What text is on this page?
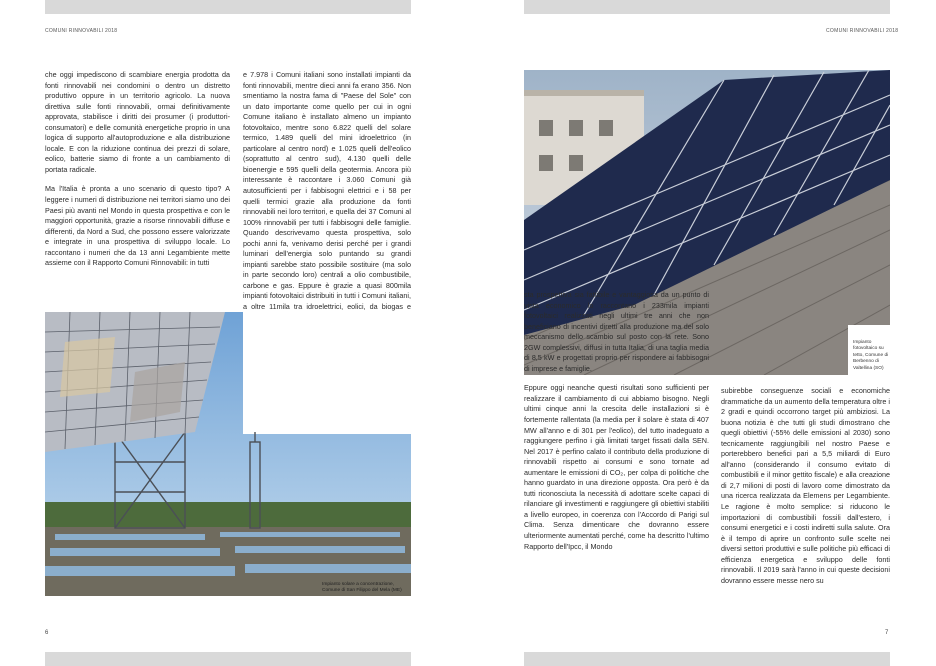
COMUNI RINNOVABILI 2018	COMUNI RINNOVABILI 2018

che oggi impediscono di scambiare energia prodotta da fonti rinnovabili nei condomini o dentro un distretto produttivo oppure in un territorio agricolo. La nuova direttiva sulle fonti rinnovabili, ormai definitivamente approvata, stabilisce i diritti dei prosumer (i produttori-consumatori) e delle comunità energetiche proprio in una logica di supporto all'autoproduzione e alla distribuzione locale. E con la riduzione continua dei prezzi di solare, eolico, batterie siamo di fronte a un cambiamento di portata radicale.

Ma l'Italia è pronta a uno scenario di questo tipo? A leggere i numeri di distribuzione nei territori siamo uno dei Paesi più avanti nel Mondo in questa prospettiva e con le maggiori opportunità, grazie a risorse rinnovabili diffuse e differenti, da Nord a Sud, che possono essere valorizzate e integrate in una prospettiva di sviluppo locale. Lo raccontano i numeri che da 13 anni Legambiente mette assieme con il Rapporto Comuni Rinnovabili: in tutti

e 7.978 i Comuni italiani sono installati impianti da fonti rinnovabili, mentre dieci anni fa erano 356. Non smentiamo la nostra fama di "Paese del Sole" con un dato importante come quello per cui in ogni Comune italiano è installato almeno un impianto fotovoltaico, mentre sono 6.822 quelli del solare termico, 1.489 quelli del mini idroelettrico (in particolare al centro nord) e 1.025 quelli dell'eolico (soprattutto al centro sud), 4.130 quelli delle bioenergie e 595 quelli della geotermia. Ancora più interessante è raccontare i 3.060 Comuni già autosufficienti per i fabbisogni elettrici e i 58 per quelli termici grazie alla produzione da fonti rinnovabili nei loro territori, e quella dei 37 Comuni al 100% rinnovabili per tutti i fabbisogni delle famiglie. Quando descrivevamo questa prospettiva, solo pochi anni fa, venivamo derisi perché per i grandi luminari dell'energia solo puntando su grandi impianti sarebbe stato possibile sostituire (ma solo in parte secondo loro) centrali a olio combustibile, carbone e gas. Eppure è grazie a quasi 800mila impianti fotovoltaici distribuiti in tutti i Comuni italiani, a oltre 11mila tra idroelettrici, eolici, da biogas e

Impianto solare a concentrazione, Comune di San Filippo del Mela (ME)
6
Impianto fotovoltaico su tetto, Comune di Berbenno di Valtellina (SO)

sta prospettiva sia fattibile e vantaggiosa da un punto di vista economico lo raccontano i 233mila impianti fotovoltaici realizzati negli ultimi tre anni che non beneficiano di incentivi diretti alla produzione ma del solo meccanismo dello scambio sul posto con la rete. Sono 2GW complessivi, diffusi in tutta Italia, di una taglia media di 8,5 kW e progettati proprio per rispondere ai fabbisogni di imprese e famiglie.

Eppure oggi neanche questi risultati sono sufficienti per realizzare il cambiamento di cui abbiamo bisogno. Negli ultimi cinque anni la crescita delle installazioni si è fortemente rallentata (la media per il solare è stata di 407 MW all'anno e di 301 per l'eolico), del tutto inadeguato a raggiungere perfino i già limitati target fissati dalla SEN. Nel 2017 è perfino calato il contributo della produzione di rinnovabili rispetto ai consumi e sono tornate ad aumentare le emissioni di CO₂, per colpa di politiche che hanno guardato in una direzione opposta. Ora però è da tutti riconosciuta la necessità di adottare scelte capaci di rilanciare gli investimenti e raggiungere gli obiettivi stabiliti a livello europeo, in coerenza con l'Accordo di Parigi sul Clima. Senza dimenticare che dovranno essere ulteriormente aumentati perché, come ha descritto l'ultimo Rapporto dell'Ipcc, il Mondo

subirebbe conseguenze sociali e economiche drammatiche da un aumento della temperatura oltre i 2 gradi e quindi occorrono target più ambiziosi. La buona notizia è che tutti gli studi dimostrano che quegli obiettivi (-55% delle emissioni al 2030) sono tecnicamente raggiungibili nel nostro Paese e porterebbero benefici pari a 5,5 miliardi di Euro all'anno (considerando il consumo evitato di combustibili e il minor gettito fiscale) e alla creazione di 2,7 milioni di posti di lavoro come dimostrato da una ricerca realizzata da Elemens per Legambiente. Le ragione è molto semplice: si riducono le importazioni di combustibili fossili dall'estero, i consumi energetici e i costi indiretti sulla salute. Ora è il tempo di aprire un confronto sulle scelte nei diversi settori produttivi e sulle politiche più efficaci di efficienza energetica e sviluppo delle fonti rinnovabili. Il 2019 sarà l'anno in cui queste decisioni dovranno essere messe nero su

7
